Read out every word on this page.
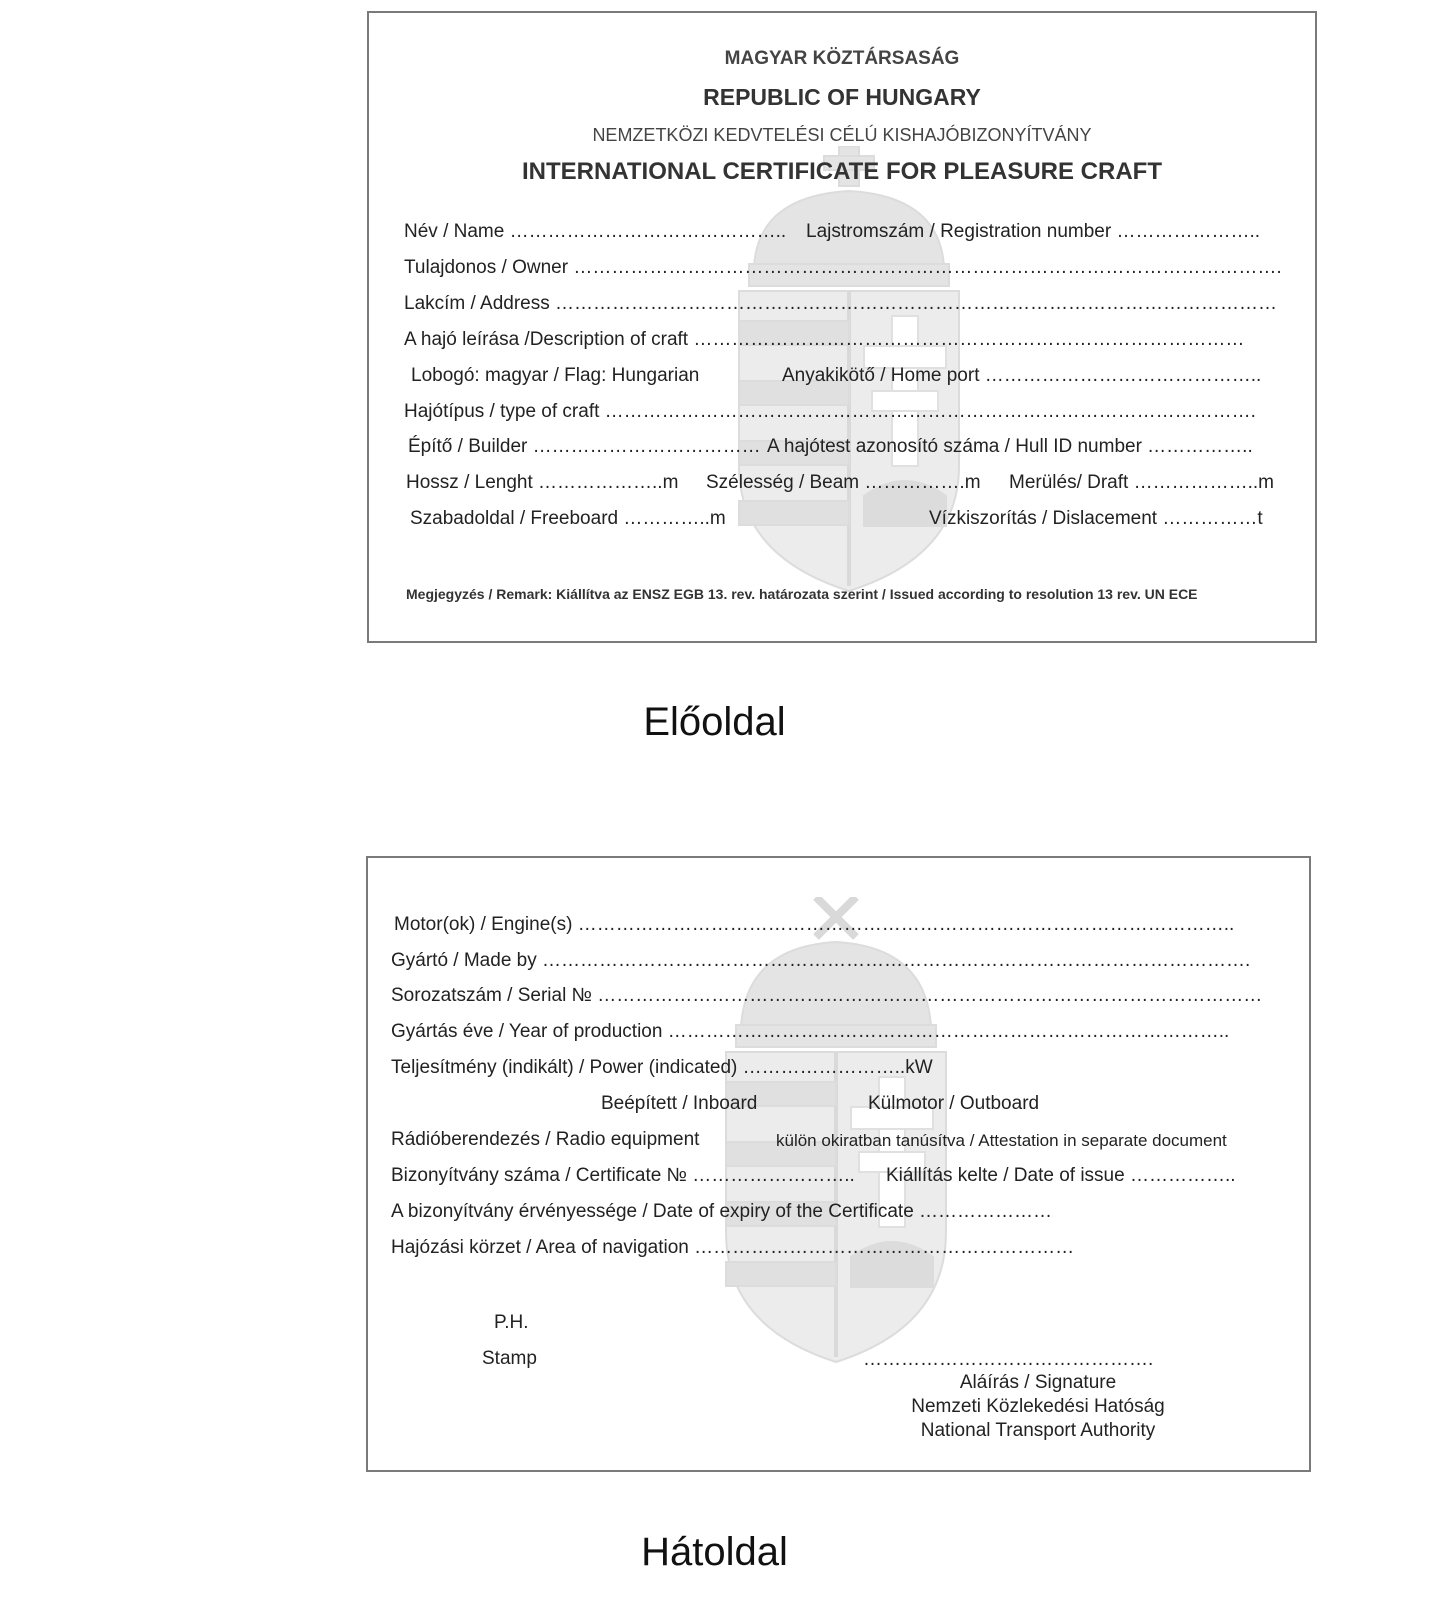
MAGYAR KÖZTÁRSASÁG
REPUBLIC OF HUNGARY
NEMZETKÖZI KEDVTELÉSI CÉLÚ KISHAJÓBIZONYÍTVÁNY
INTERNATIONAL CERTIFICATE FOR PLEASURE CRAFT
Név / Name …………………………………….. Lajstromszám / Registration number …………………..
Tulajdonos / Owner ………………………………………………………………………………………………….
Lakcím / Address ……………………………………………………………………………………………………
A hajó leírása /Description of craft ……………………………………………………………………………
Lobogó: magyar / Flag: Hungarian	Anyakikötő / Home port ……………………………………..
Hajótípus / type of craft ………………………………………………………………………………………….
Építő / Builder ……………………………… A hajótest azonosító száma / Hull ID number ……………..
Hossz / Lenght ………………..m Szélesség / Beam …………….m Merülés/ Draft ………………..m
Szabadoldal / Freeboard …………..m	Vízkiszorítás / Dislacement ……………t
Megjegyzés / Remark: Kiállítva az ENSZ EGB 13. rev. határozata szerint / Issued according to resolution 13 rev. UN ECE
Előoldal
Motor(ok) / Engine(s) …………………………………………………………………………………………..
Gyártó / Made by ………………………………………………………………………………………………….
Sorozatszám / Serial № ……………………………………………………………………………………………
Gyártás éve / Year of production ……………………………………………………………………………..
Teljesítmény (indikált) / Power (indicated) ……………………..kW
Beépített / Inboard	Külmotor / Outboard
Rádióberendezés / Radio equipment	külön okiratban tanúsítva / Attestation in separate document
Bizonyítvány száma / Certificate № …………………….. Kiállítás kelte / Date of issue ……………..
A bizonyítvány érvényessége / Date of expiry of the Certificate …………………
Hajózási körzet / Area of navigation ……………………………………………………
P.H.
Stamp	……………………………………….
Aláírás / Signature
Nemzeti Közlekedési Hatóság
National Transport Authority
Hátoldal
